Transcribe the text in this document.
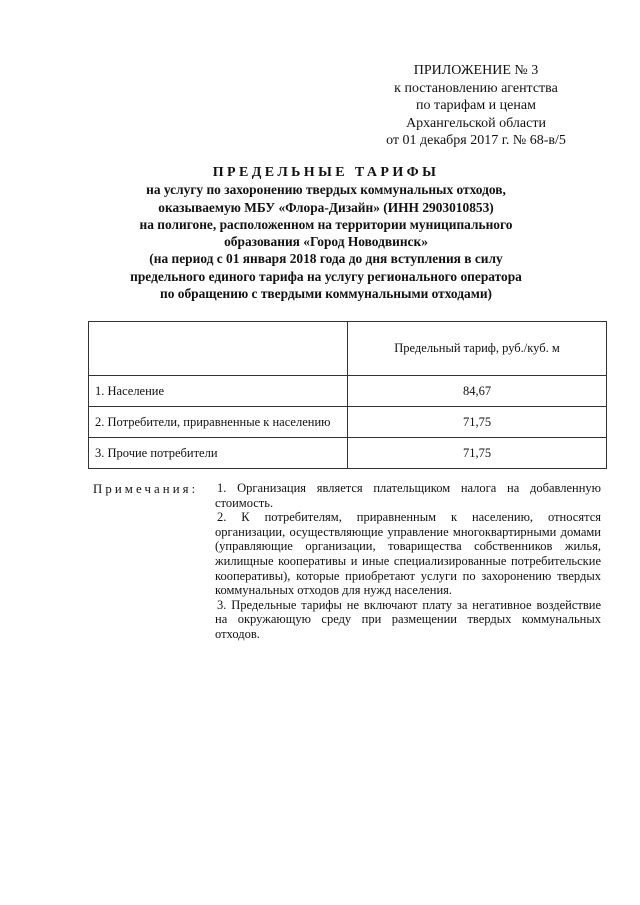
ПРИЛОЖЕНИЕ № 3
к постановлению агентства
по тарифам и ценам
Архангельской области
от 01 декабря 2017 г. № 68-в/5
ПРЕДЕЛЬНЫЕ ТАРИФЫ
на услугу по захоронению твердых коммунальных отходов,
оказываемую МБУ «Флора-Дизайн» (ИНН 2903010853)
на полигоне, расположенном на территории муниципального
образования «Город Новодвинск»
(на период с 01 января 2018 года до дня вступления в силу
предельного единого тарифа на услугу регионального оператора
по обращению с твердыми коммунальными отходами)
	Предельный тариф, руб./куб. м
1. Население	84,67
2. Потребители, приравненные к населению	71,75
3. Прочие потребители	71,75
Примечания: 1. Организация является плательщиком налога на добавленную стоимость.

2. К потребителям, приравненным к населению, относятся организации, осуществляющие управление многоквартирными домами (управляющие организации, товарищества собственников жилья, жилищные кооперативы и иные специализированные потребительские кооперативы), которые приобретают услуги по захоронению твердых коммунальных отходов для нужд населения.

3. Предельные тарифы не включают плату за негативное воздействие на окружающую среду при размещении твердых коммунальных отходов.
